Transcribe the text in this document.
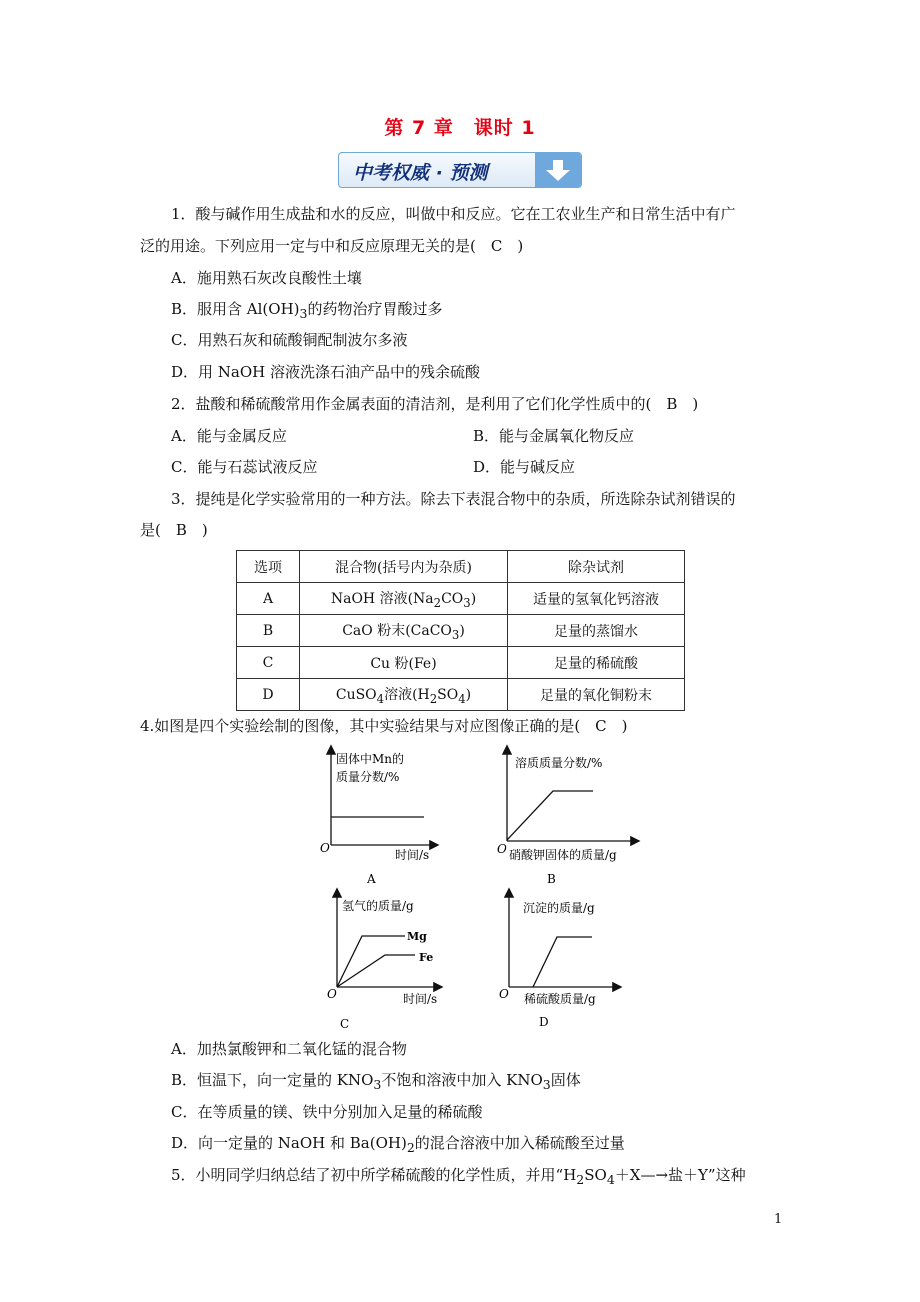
第 7 章　课时 1
中考权威 · 预测
1．酸与碱作用生成盐和水的反应，叫做中和反应。它在工农业生产和日常生活中有广
泛的用途。下列应用一定与中和反应原理无关的是(　C　)
A．施用熟石灰改良酸性土壤
B．服用含 $Al(OH)_3$的药物治疗胃酸过多
C．用熟石灰和硫酸铜配制波尔多液
D．用 NaOH 溶液洗涤石油产品中的残余硫酸
2．盐酸和稀硫酸常用作金属表面的清洁剂，是利用了它们化学性质中的(　B　)
A．能与金属反应	B．能与金属氧化物反应
C．能与石蕊试液反应	D．能与碱反应
3．提纯是化学实验常用的一种方法。除去下表混合物中的杂质，所选除杂试剂错误的
是(　B　)
选项	混合物(括号内为杂质)	除杂试剂
A	NaOH 溶液$(Na_2CO_3)$	适量的氢氧化钙溶液
B	CaO 粉末(CaCO$_3$)	足量的蒸馏水
C	Cu 粉(Fe)	足量的稀硫酸
D	CuSO$_4$溶液$(H_2SO_4)$	足量的氧化铜粉末
4.如图是四个实验绘制的图像，其中实验结果与对应图像正确的是(　C　)
固体中Mn的
质量分数/%
O	时间/s
A
溶质质量分数/%
O 硝酸钾固体的质量/g
B
氢气的质量/g
Mg
Fe
O	时间/s
C
沉淀的质量/g
O 稀硫酸质量/g
D
A．加热氯酸钾和二氧化锰的混合物
B．恒温下，向一定量的 $KNO_3$不饱和溶液中加入 $KNO_3$固体
C．在等质量的镁、铁中分别加入足量的稀硫酸
D．向一定量的 NaOH 和 $Ba(OH)_2$的混合溶液中加入稀硫酸至过量
5．小明同学归纳总结了初中所学稀硫酸的化学性质，并用“$H_2SO_4+X—\to$盐＋Y”这种
1
